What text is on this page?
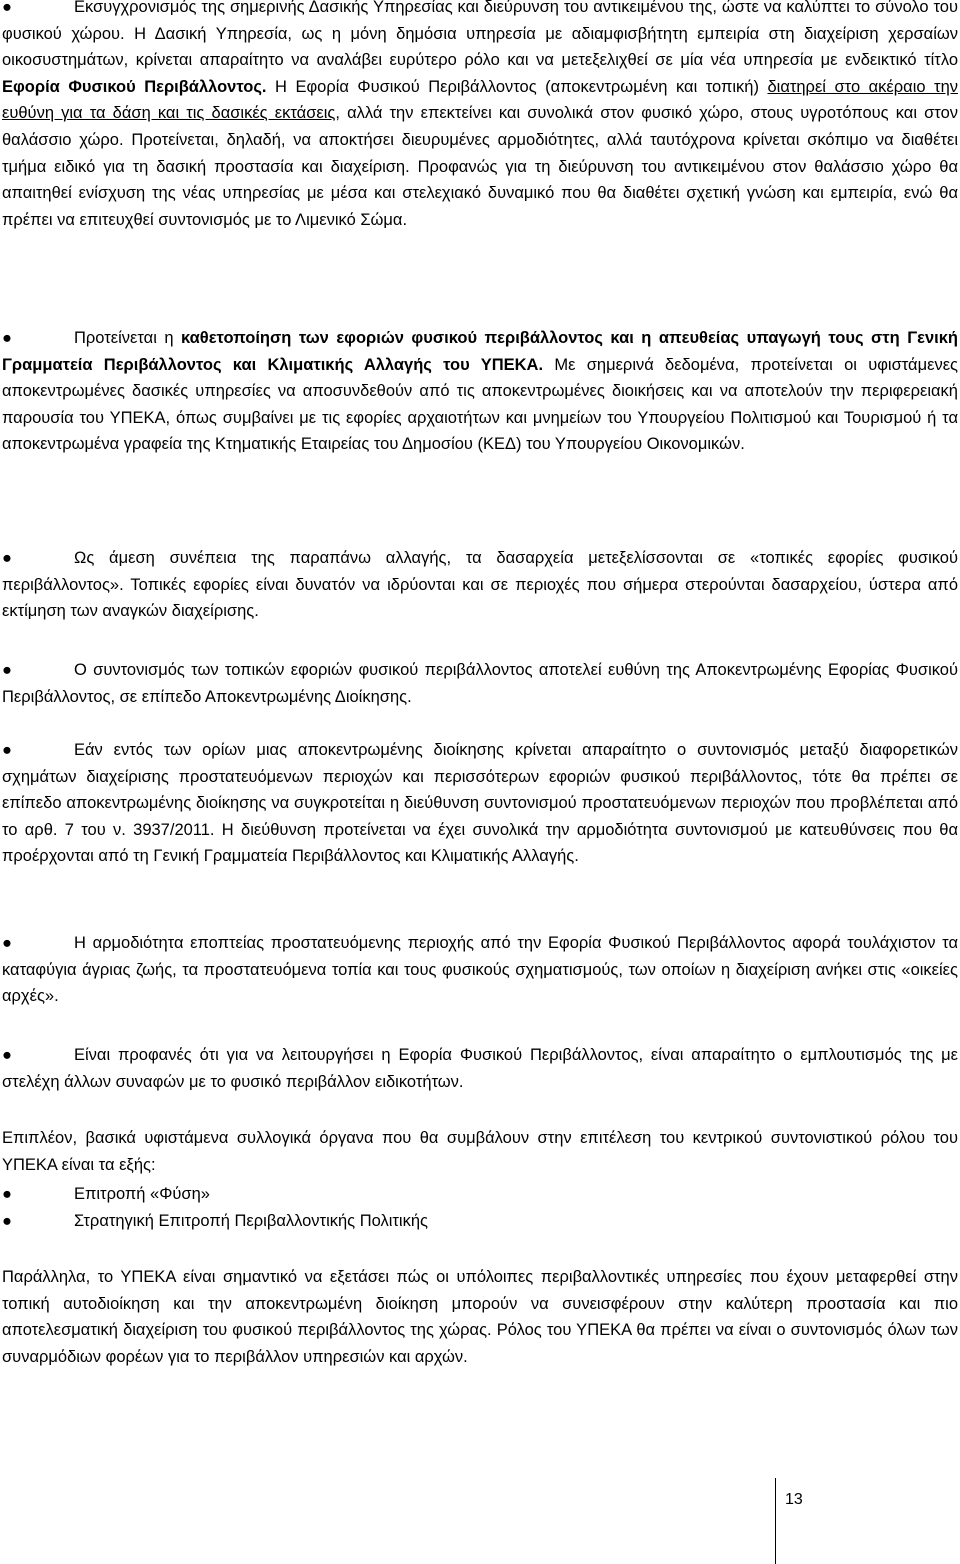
●	Εκσυγχρονισμός της σημερινής Δασικής Υπηρεσίας και διεύρυνση του αντικειμένου της, ώστε να καλύπτει το σύνολο του φυσικού χώρου. Η Δασική Υπηρεσία, ως η μόνη δημόσια υπηρεσία με αδιαμφισβήτητη εμπειρία στη διαχείριση χερσαίων οικοσυστημάτων, κρίνεται απαραίτητο να αναλάβει ευρύτερο ρόλο και να μετεξελιχθεί σε μία νέα υπηρεσία με ενδεικτικό τίτλο Εφορία Φυσικού Περιβάλλοντος. Η Εφορία Φυσικού Περιβάλλοντος (αποκεντρωμένη και τοπική) διατηρεί στο ακέραιο την ευθύνη για τα δάση και τις δασικές εκτάσεις, αλλά την επεκτείνει και συνολικά στον φυσικό χώρο, στους υγροτόπους και στον θαλάσσιο χώρο. Προτείνεται, δηλαδή, να αποκτήσει διευρυμένες αρμοδιότητες, αλλά ταυτόχρονα κρίνεται σκόπιμο να διαθέτει τμήμα ειδικό για τη δασική προστασία και διαχείριση. Προφανώς για τη διεύρυνση του αντικειμένου στον θαλάσσιο χώρο θα απαιτηθεί ενίσχυση της νέας υπηρεσίας με μέσα και στελεχιακό δυναμικό που θα διαθέτει σχετική γνώση και εμπειρία, ενώ θα πρέπει να επιτευχθεί συντονισμός με το Λιμενικό Σώμα.

●	Προτείνεται η καθετοποίηση των εφοριών φυσικού περιβάλλοντος και η απευθείας υπαγωγή τους στη Γενική Γραμματεία Περιβάλλοντος και Κλιματικής Αλλαγής του ΥΠΕΚΑ. Με σημερινά δεδομένα, προτείνεται οι υφιστάμενες αποκεντρωμένες δασικές υπηρεσίες να αποσυνδεθούν από τις αποκεντρωμένες διοικήσεις και να αποτελούν την περιφερειακή παρουσία του ΥΠΕΚΑ, όπως συμβαίνει με τις εφορίες αρχαιοτήτων και μνημείων του Υπουργείου Πολιτισμού και Τουρισμού ή τα αποκεντρωμένα γραφεία της Κτηματικής Εταιρείας του Δημοσίου (ΚΕΔ) του Υπουργείου Οικονομικών.

●	Ως άμεση συνέπεια της παραπάνω αλλαγής, τα δασαρχεία μετεξελίσσονται σε «τοπικές εφορίες φυσικού περιβάλλοντος». Τοπικές εφορίες είναι δυνατόν να ιδρύονται και σε περιοχές που σήμερα στερούνται δασαρχείου, ύστερα από εκτίμηση των αναγκών διαχείρισης.

●	Ο συντονισμός των τοπικών εφοριών φυσικού περιβάλλοντος αποτελεί ευθύνη της Αποκεντρωμένης Εφορίας Φυσικού Περιβάλλοντος, σε επίπεδο Αποκεντρωμένης Διοίκησης.

●	Εάν εντός των ορίων μιας αποκεντρωμένης διοίκησης κρίνεται απαραίτητο ο συντονισμός μεταξύ διαφορετικών σχημάτων διαχείρισης προστατευόμενων περιοχών και περισσότερων εφοριών φυσικού περιβάλλοντος, τότε θα πρέπει σε επίπεδο αποκεντρωμένης διοίκησης να συγκροτείται η διεύθυνση συντονισμού προστατευόμενων περιοχών που προβλέπεται από το αρθ. 7 του ν. 3937/2011. Η διεύθυνση προτείνεται να έχει συνολικά την αρμοδιότητα συντονισμού με κατευθύνσεις που θα προέρχονται από τη Γενική Γραμματεία Περιβάλλοντος και Κλιματικής Αλλαγής.

●	Η αρμοδιότητα εποπτείας προστατευόμενης περιοχής από την Εφορία Φυσικού Περιβάλλοντος αφορά τουλάχιστον τα καταφύγια άγριας ζωής, τα προστατευόμενα τοπία και τους φυσικούς σχηματισμούς, των οποίων η διαχείριση ανήκει στις «οικείες αρχές».

●	Είναι προφανές ότι για να λειτουργήσει η Εφορία Φυσικού Περιβάλλοντος, είναι απαραίτητο ο εμπλουτισμός της με στελέχη άλλων συναφών με το φυσικό περιβάλλον ειδικοτήτων.

Επιπλέον, βασικά υφιστάμενα συλλογικά όργανα που θα συμβάλουν στην επιτέλεση του κεντρικού συντονιστικού ρόλου του ΥΠΕΚΑ είναι τα εξής:

●	Επιτροπή «Φύση»
●	Στρατηγική Επιτροπή Περιβαλλοντικής Πολιτικής

Παράλληλα, το ΥΠΕΚΑ είναι σημαντικό να εξετάσει πώς οι υπόλοιπες περιβαλλοντικές υπηρεσίες που έχουν μεταφερθεί στην τοπική αυτοδιοίκηση και την αποκεντρωμένη διοίκηση μπορούν να συνεισφέρουν στην καλύτερη προστασία και πιο αποτελεσματική διαχείριση του φυσικού περιβάλλοντος της χώρας. Ρόλος του ΥΠΕΚΑ θα πρέπει να είναι ο συντονισμός όλων των συναρμόδιων φορέων για το περιβάλλον υπηρεσιών και αρχών.

13
